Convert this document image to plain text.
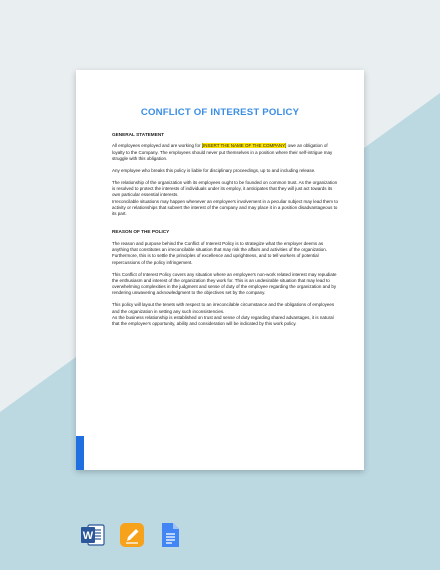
CONFLICT OF INTEREST POLICY
GENERAL STATEMENT

All employees employed and are working for [INSERT THE NAME OF THE COMPANY] owe an obligation of loyalty to the Company. The employees should never put themselves in a position where their self-intrigue may struggle with this obligation.

Any employee who breaks this policy is liable for disciplinary proceedings, up to and including release.

The relationship of the organization with its employees ought to be founded on common trust. As the organization is resolved to protect the interests of individuals under its employ, it anticipates that they will just act towards its own particular essential interests.

Irreconcilable situations may happen whenever an employee's involvement in a peculiar subject may lead them to activity or relationships that subvert the interest of the company and may place it in a position disadvantageous to its part.

REASON OF THE POLICY

The reason and purpose behind the Conflict of Interest Policy is to strategize what the employer deems as anything that constitutes an irreconcilable situation that may risk the affairs and activities of the organization. Furthermore, this is to settle the principles of excellence and uprightness, and to tell workers of potential repercussions of the policy infringement.

This Conflict of Interest Policy covers any situation where an employee's non-work related interest may repudiate the enthusiasm and interest of the organization they work for. This is an undesirable situation that may lead to overwhelming complexities in the judgment and sense of duty of the employee regarding the organization and by rendering unwavering acknowledgment to the objectives set by the company.

This policy will layout the tenets with respect to an irreconcilable circumstance and the obligations of employees and the organization in setting any such inconsistencies.

As the business relationship is established on trust and sense of duty regarding shared advantages, it is natural that the employee's opportunity, ability and consideration will be indicated by this work policy.

W
